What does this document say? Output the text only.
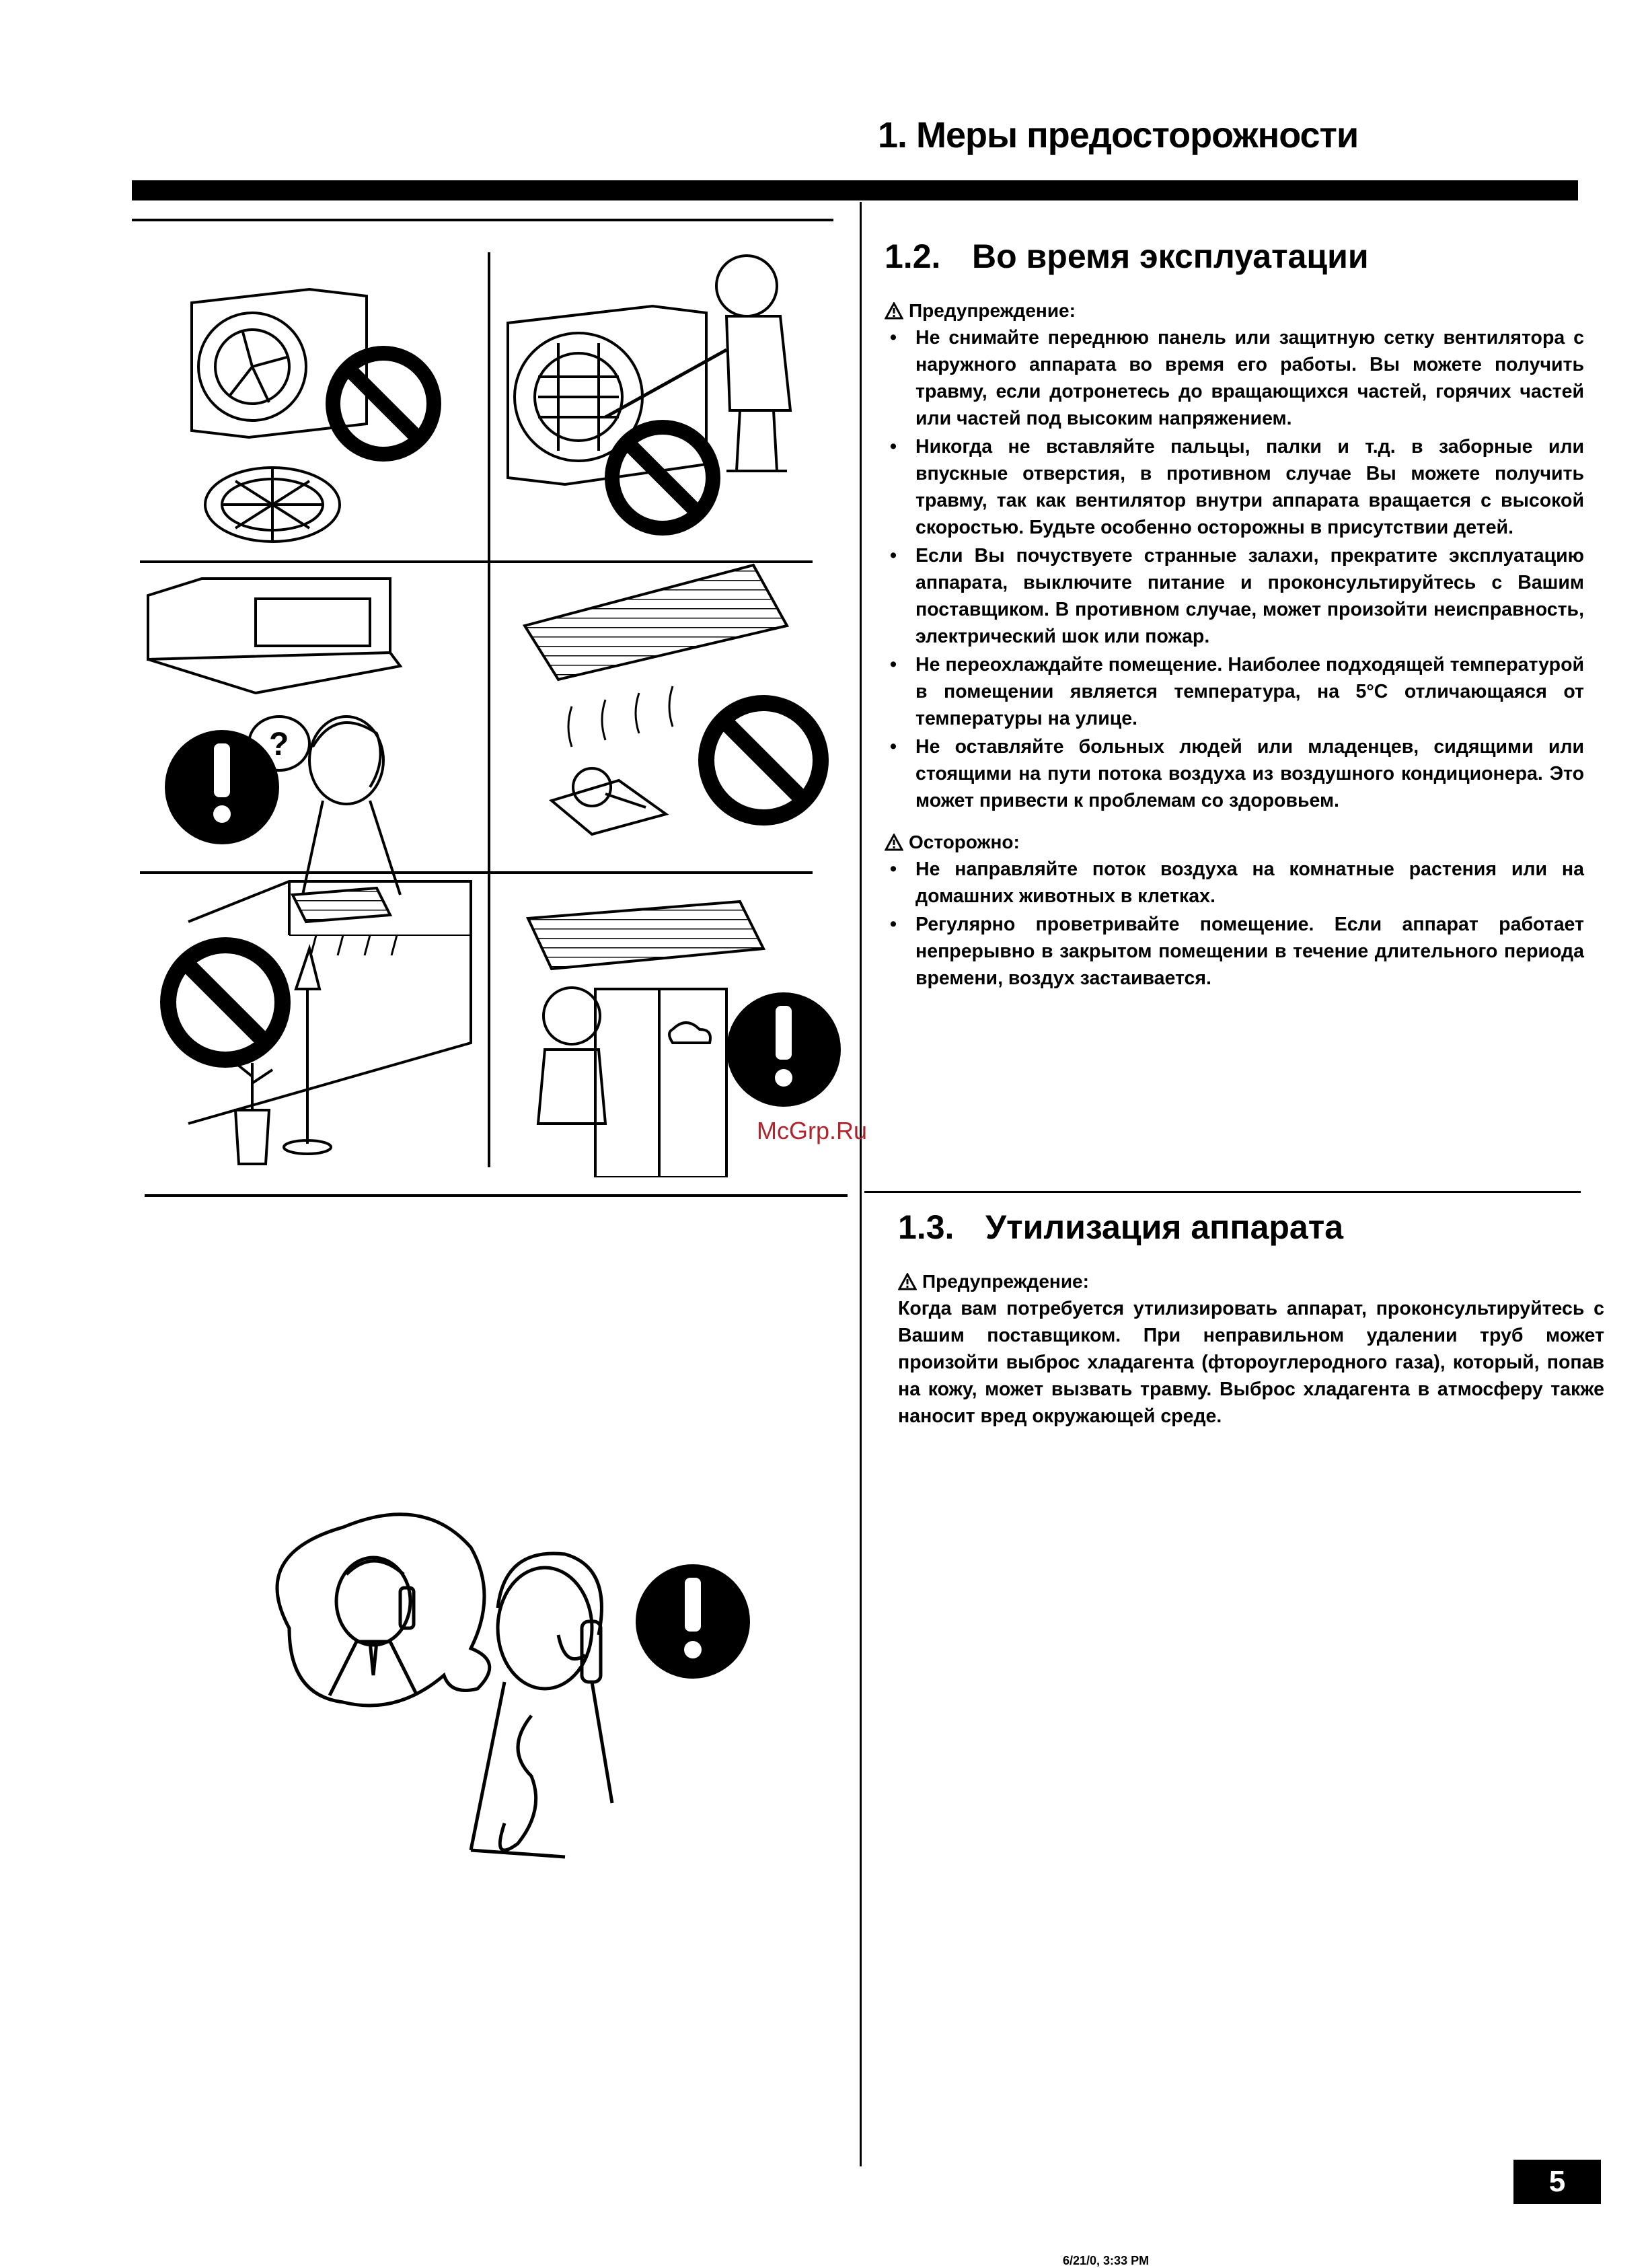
1. Меры предосторожности
?
1.2. Во время эксплуатации
Предупреждение:
• Не снимайте переднюю панель или защитную сетку вентилятора с наружного аппарата во время его работы. Вы можете получить травму, если дотронетесь до вращающихся частей, горячих частей или частей под высоким напряжением.
• Никогда не вставляйте пальцы, палки и т.д. в заборные или впускные отверстия, в противном случае Вы можете получить травму, так как вентилятор внутри аппарата вращается с высокой скоростью. Будьте особенно осторожны в присутствии детей.
• Если Вы почуствуете странные залахи, прекратите эксплуатацию аппарата, выключите питание и проконсультируйтесь с Вашим поставщиком. В противном случае, может произойти неисправность, электрический шок или пожар.
• Не переохлаждайте помещение. Наиболее подходящей температурой в помещении является температура, на 5°С отличающаяся от температуры на улице.
• Не оставляйте больных людей или младенцев, сидящими или стоящими на пути потока воздуха из воздушного кондиционера. Это может привести к проблемам со здоровьем.
Осторожно:
• Не направляйте поток воздуха на комнатные растения или на домашних животных в клетках.
• Регулярно проветривайте помещение. Если аппарат работает непрерывно в закрытом помещении в течение длительного периода времени, воздух застаивается.
McGrp.Ru
1.3. Утилизация аппарата
Предупреждение:
Когда вам потребуется утилизировать аппарат, проконсультируйтесь с Вашим поставщиком. При неправильном удалении труб может произойти выброс хладагента (фтороуглеродного газа), который, попав на кожу, может вызвать травму. Выброс хладагента в атмосферу также наносит вред окружающей среде.
5
6/21/0, 3:33 PM
